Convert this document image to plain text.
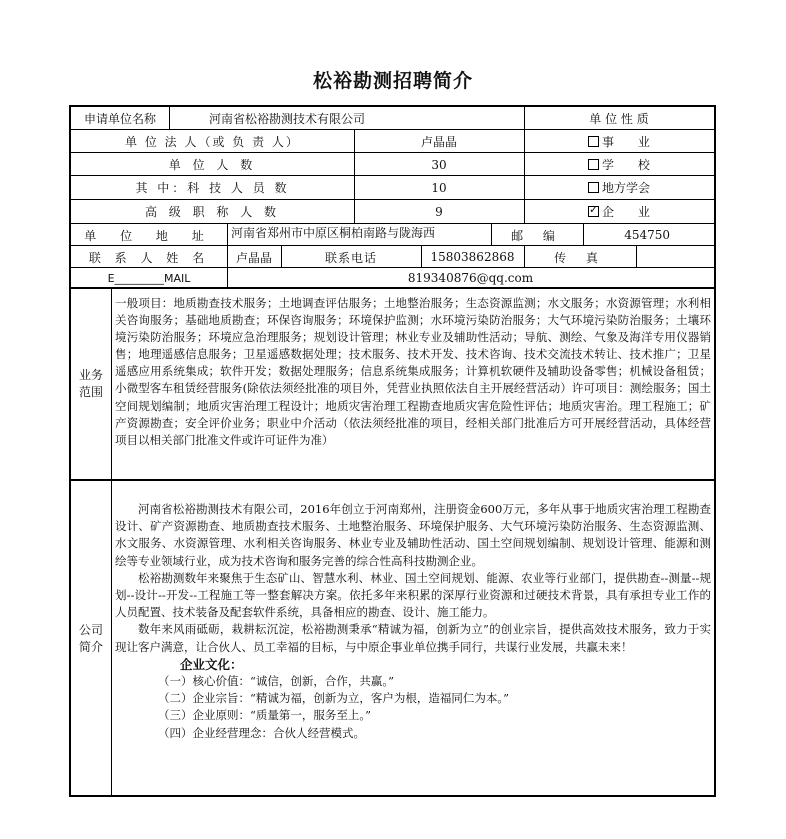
松裕勘测招聘简介
申请单位名称	河南省松裕勘测技术有限公司	单 位 性 质
单 位 法 人（或 负 责 人）	卢晶晶	事 业
单 位 人 数	30	学 校
其 中：科 技 人 员 数	10	地方学会
高 级 职 称 人 数	9 ✓	企 业
单 位 地 址	河南省郑州市中原区桐柏南路与陇海西	邮 编	454750
联 系 人 姓 名	卢晶晶	联系电话	15803862868	传 真
E_________MAIL	819340876@qq.com
业务范围
一般项目：地质勘查技术服务；土地调查评估服务；土地整治服务；生态资源监测；水文服务；水资源管理；水利相关咨询服务；基础地质勘查；环保咨询服务；环境保护监测；水环境污染防治服务；大气环境污染防治服务；土壤环境污染防治服务；环境应急治理服务；规划设计管理；林业专业及辅助性活动；导航、测绘、气象及海洋专用仪器销售；地理遥感信息服务；卫星遥感数据处理；技术服务、技术开发、技术咨询、技术交流技术转让、技术推广；卫星遥感应用系统集成；软件开发；数据处理服务；信息系统集成服务；计算机软硬件及辅助设备零售；机械设备租赁；小微型客车租赁经营服务(除依法须经批准的项目外，凭营业执照依法自主开展经营活动）许可项目：测绘服务；国土空间规划编制；地质灾害治理工程设计；地质灾害治理工程勘查地质灾害危险性评估；地质灾害治。理工程施工；矿产资源勘查；安全评价业务；职业中介活动（依法须经批准的项目，经相关部门批准后方可开展经营活动，具体经营项目以相关部门批准文件或许可证件为准）
公司简介

河南省松裕勘测技术有限公司，2016年创立于河南郑州，注册资金600万元，多年从事于地质灾害治理工程勘查设计、矿产资源勘查、地质勘查技术服务、土地整治服务、环境保护服务、大气环境污染防治服务、生态资源监测、水文服务、水资源管理、水利相关咨询服务、林业专业及辅助性活动、国土空间规划编制、规划设计管理、能源和测绘等专业领域行业，成为技术咨询和服务完善的综合性高科技勘测企业。

松裕勘测数年来聚焦于生态矿山、智慧水利、林业、国土空间规划、能源、农业等行业部门，提供勘查--测量--规划--设计--开发--工程施工等一整套解决方案。依托多年来积累的深厚行业资源和过硬技术背景，具有承担专业工作的人员配置、技术装备及配套软件系统，具备相应的勘查、设计、施工能力。

数年来风雨砥砺，栽耕耘沉淀，松裕勘测秉承“精诚为福，创新为立”的创业宗旨，提供高效技术服务，致力于实现让客户满意，让合伙人、员工幸福的目标，与中原企事业单位携手同行，共谋行业发展，共赢未来！

企业文化：

（一）核心价值：“诚信，创新，合作，共赢。”

（二）企业宗旨：“精诚为福，创新为立，客户为根，造福同仁为本。”

（三）企业原则：“质量第一，服务至上。”

（四）企业经营理念：合伙人经营模式。
